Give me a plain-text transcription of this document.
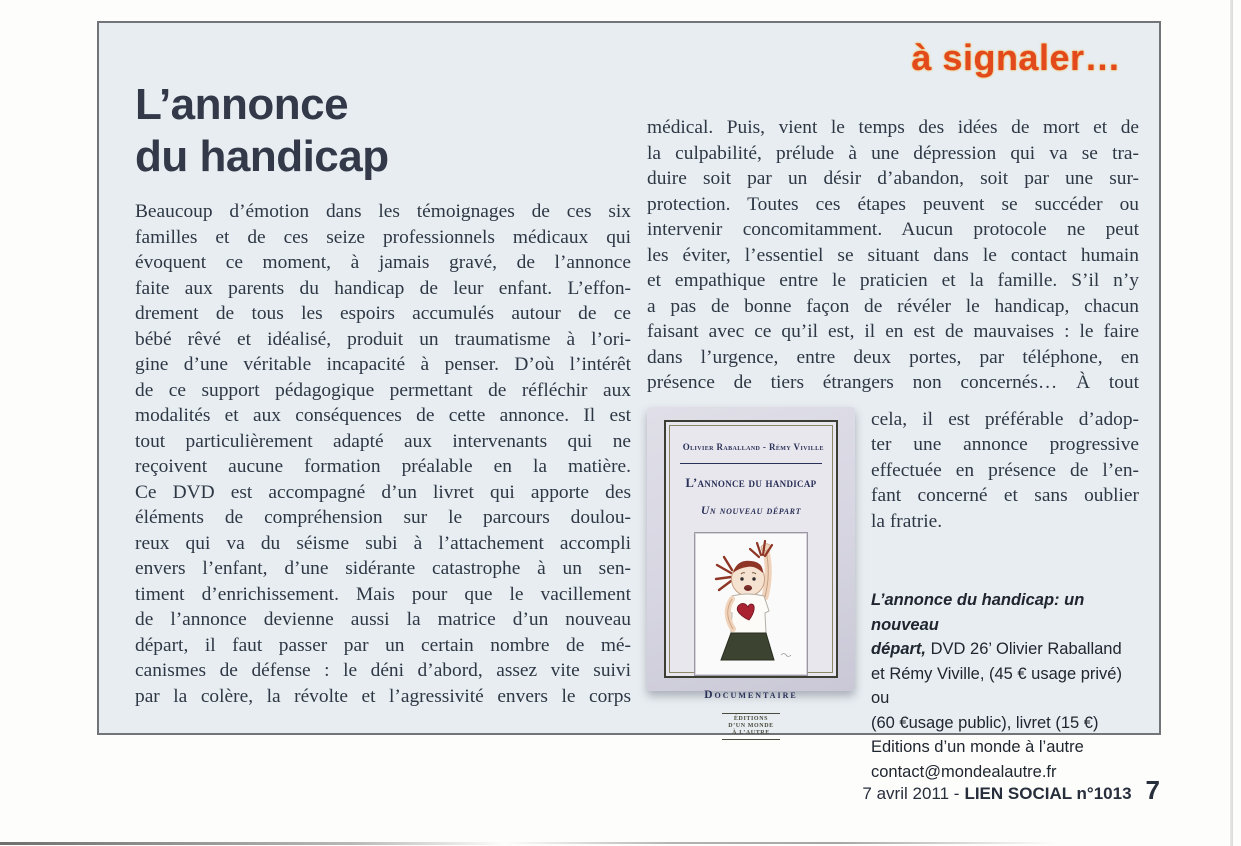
à signaler…
L’annonce
du handicap
Beaucoup d’émotion dans les témoignages de ces six
familles et de ces seize professionnels médicaux qui
évoquent ce moment, à jamais gravé, de l’annonce
faite aux parents du handicap de leur enfant. L’effon-
drement de tous les espoirs accumulés autour de ce
bébé rêvé et idéalisé, produit un traumatisme à l’ori-
gine d’une véritable incapacité à penser. D’où l’intérêt
de ce support pédagogique permettant de réfléchir aux
modalités et aux conséquences de cette annonce. Il est
tout particulièrement adapté aux intervenants qui ne
reçoivent aucune formation préalable en la matière.
Ce DVD est accompagné d’un livret qui apporte des
éléments de compréhension sur le parcours doulou-
reux qui va du séisme subi à l’attachement accompli
envers l’enfant, d’une sidérante catastrophe à un sen-
timent d’enrichissement. Mais pour que le vacillement
de l’annonce devienne aussi la matrice d’un nouveau
départ, il faut passer par un certain nombre de mé-
canismes de défense : le déni d’abord, assez vite suivi
par la colère, la révolte et l’agressivité envers le corps
médical. Puis, vient le temps des idées de mort et de
la culpabilité, prélude à une dépression qui va se tra-
duire soit par un désir d’abandon, soit par une sur-
protection. Toutes ces étapes peuvent se succéder ou
intervenir concomitamment. Aucun protocole ne peut
les éviter, l’essentiel se situant dans le contact humain
et empathique entre le praticien et la famille. S’il n’y
a pas de bonne façon de révéler le handicap, chacun
faisant avec ce qu’il est, il en est de mauvaises : le faire
dans l’urgence, entre deux portes, par téléphone, en
présence de tiers étrangers non concernés… À tout
Olivier Raballand - Rémy Viville
L’annonce du handicap
Un nouveau départ
Documentaire
ÉDITIONS
D’UN MONDE
À L’AUTRE
cela, il est préférable d’adop-
ter une annonce progressive
effectuée en présence de l’en-
fant concerné et sans oublier
la fratrie.
L’annonce du handicap: un nouveau
départ, DVD 26’ Olivier Raballand
et Rémy Viville, (45 € usage privé) ou
(60 €usage public), livret (15 €)
Editions d’un monde à l’autre
contact@mondealautre.fr
7 avril 2011 - LIEN SOCIAL n°1013 7
